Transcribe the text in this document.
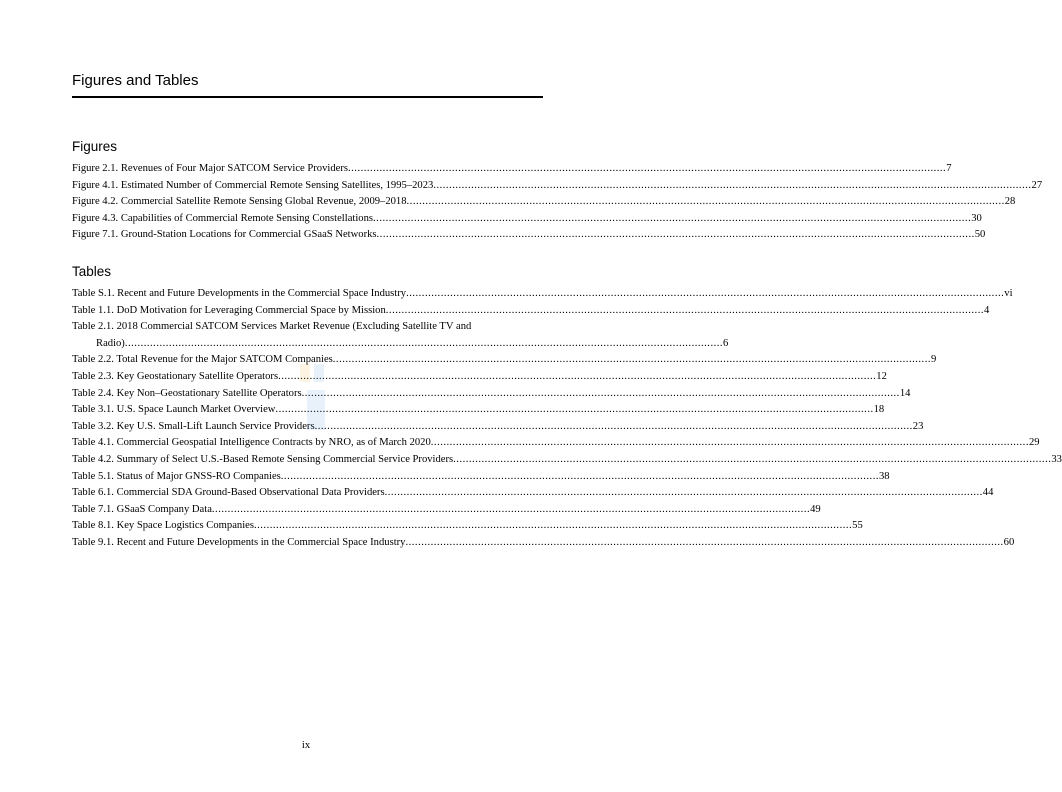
Figures and Tables
Figures
Figure 2.1. Revenues of Four Major SATCOM Service Providers .....	7
Figure 4.1. Estimated Number of Commercial Remote Sensing Satellites, 1995–2023 .....	27
Figure 4.2. Commercial Satellite Remote Sensing Global Revenue, 2009–2018 .....	28
Figure 4.3. Capabilities of Commercial Remote Sensing Constellations .....	30
Figure 7.1. Ground-Station Locations for Commercial GSaaS Networks .....	50
Tables
Table S.1. Recent and Future Developments in the Commercial Space Industry .....	vi
Table 1.1. DoD Motivation for Leveraging Commercial Space by Mission .....	4
Table 2.1. 2018 Commercial SATCOM Services Market Revenue (Excluding Satellite TV and
Radio) .....	6
Table 2.2. Total Revenue for the Major SATCOM Companies .....	9
Table 2.3. Key Geostationary Satellite Operators .....	12
Table 2.4. Key Non–Geostationary Satellite Operators .....	14
Table 3.1. U.S. Space Launch Market Overview .....	18
Table 3.2. Key U.S. Small-Lift Launch Service Providers .....	23
Table 4.1. Commercial Geospatial Intelligence Contracts by NRO, as of March 2020 .....	29
Table 4.2. Summary of Select U.S.-Based Remote Sensing Commercial Service Providers .....	33
Table 5.1. Status of Major GNSS-RO Companies .....	38
Table 6.1. Commercial SDA Ground-Based Observational Data Providers .....	44
Table 7.1. GSaaS Company Data .....	49
Table 8.1. Key Space Logistics Companies .....	55
Table 9.1. Recent and Future Developments in the Commercial Space Industry .....	60
ix
